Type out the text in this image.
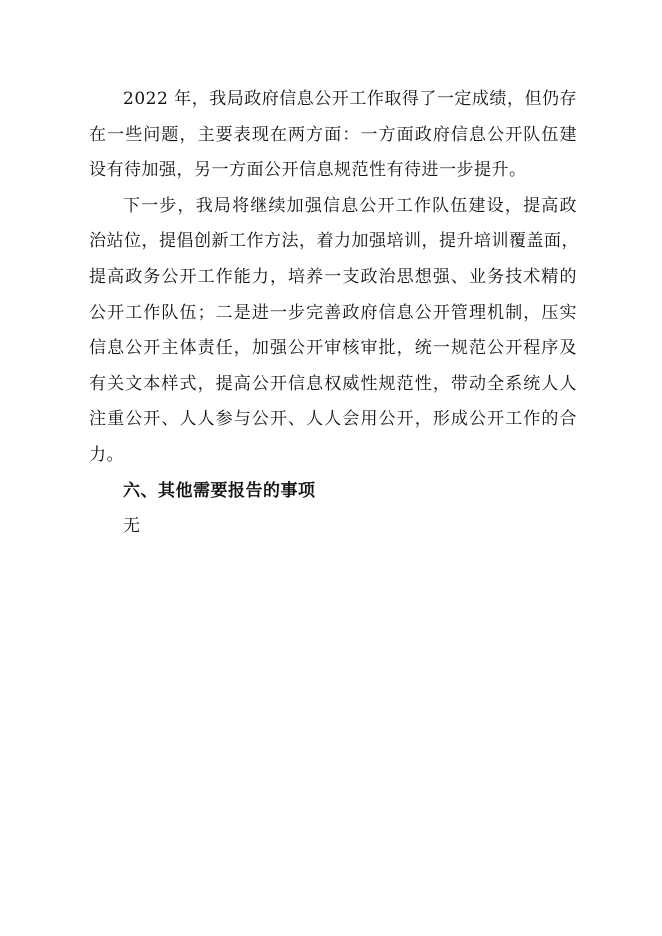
2022 年，我局政府信息公开工作取得了一定成绩，但仍存
在一些问题，主要表现在两方面：一方面政府信息公开队伍建
设有待加强，另一方面公开信息规范性有待进一步提升。
下一步，我局将继续加强信息公开工作队伍建设，提高政
治站位，提倡创新工作方法，着力加强培训，提升培训覆盖面，
提高政务公开工作能力，培养一支政治思想强、业务技术精的
公开工作队伍；二是进一步完善政府信息公开管理机制，压实
信息公开主体责任，加强公开审核审批，统一规范公开程序及
有关文本样式，提高公开信息权威性规范性，带动全系统人人
注重公开、人人参与公开、人人会用公开，形成公开工作的合
力。
六、其他需要报告的事项
无
